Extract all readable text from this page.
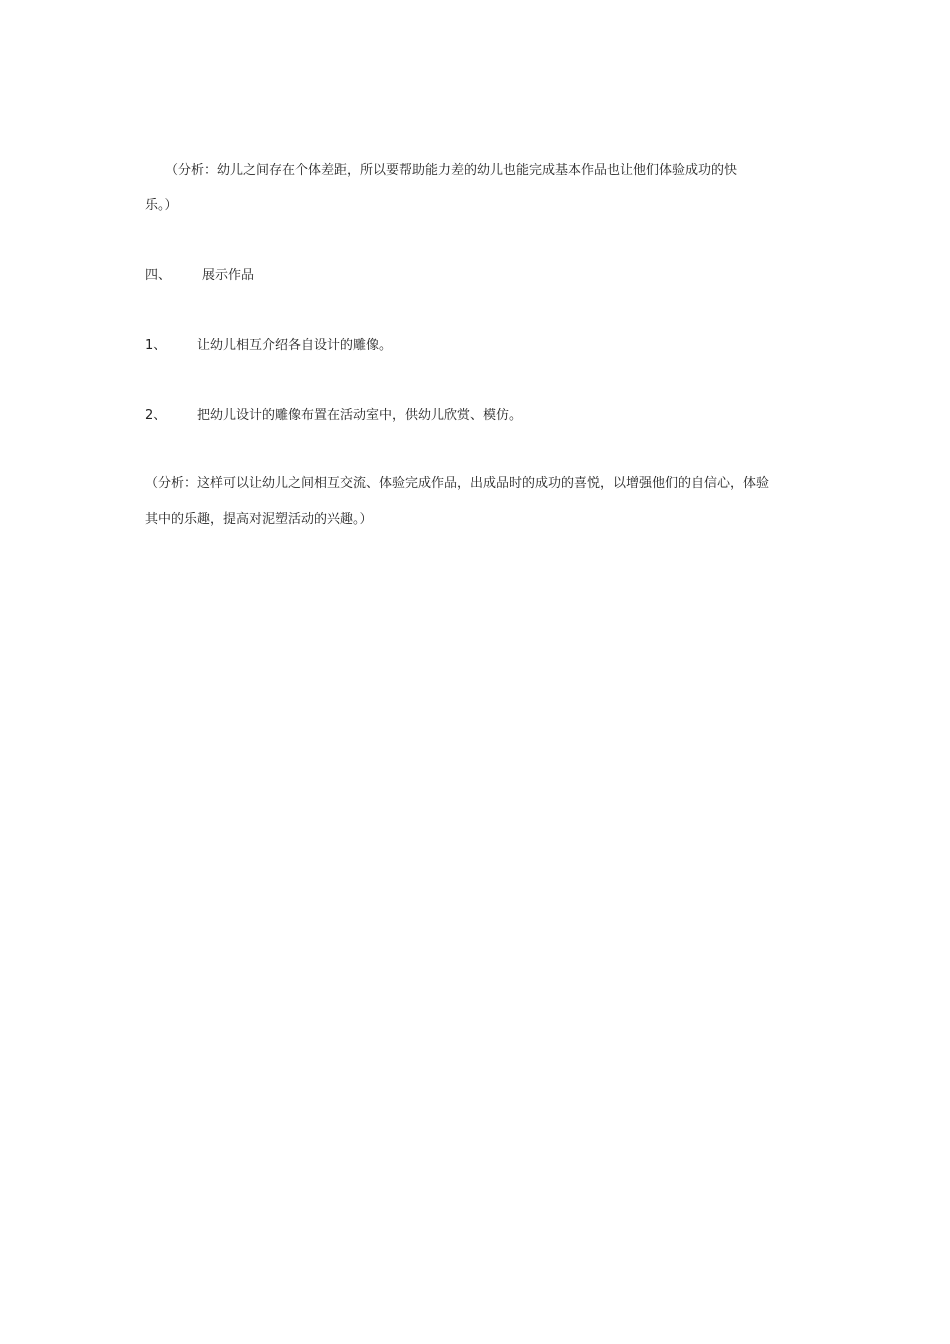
（分析：幼儿之间存在个体差距，所以要帮助能力差的幼儿也能完成基本作品也让他们体验成功的快
乐。）
四、 展示作品
1、 让幼儿相互介绍各自设计的雕像。
2、 把幼儿设计的雕像布置在活动室中，供幼儿欣赏、模仿。
（分析：这样可以让幼儿之间相互交流、体验完成作品，出成品时的成功的喜悦，以增强他们的自信心，体验
其中的乐趣，提高对泥塑活动的兴趣。）
